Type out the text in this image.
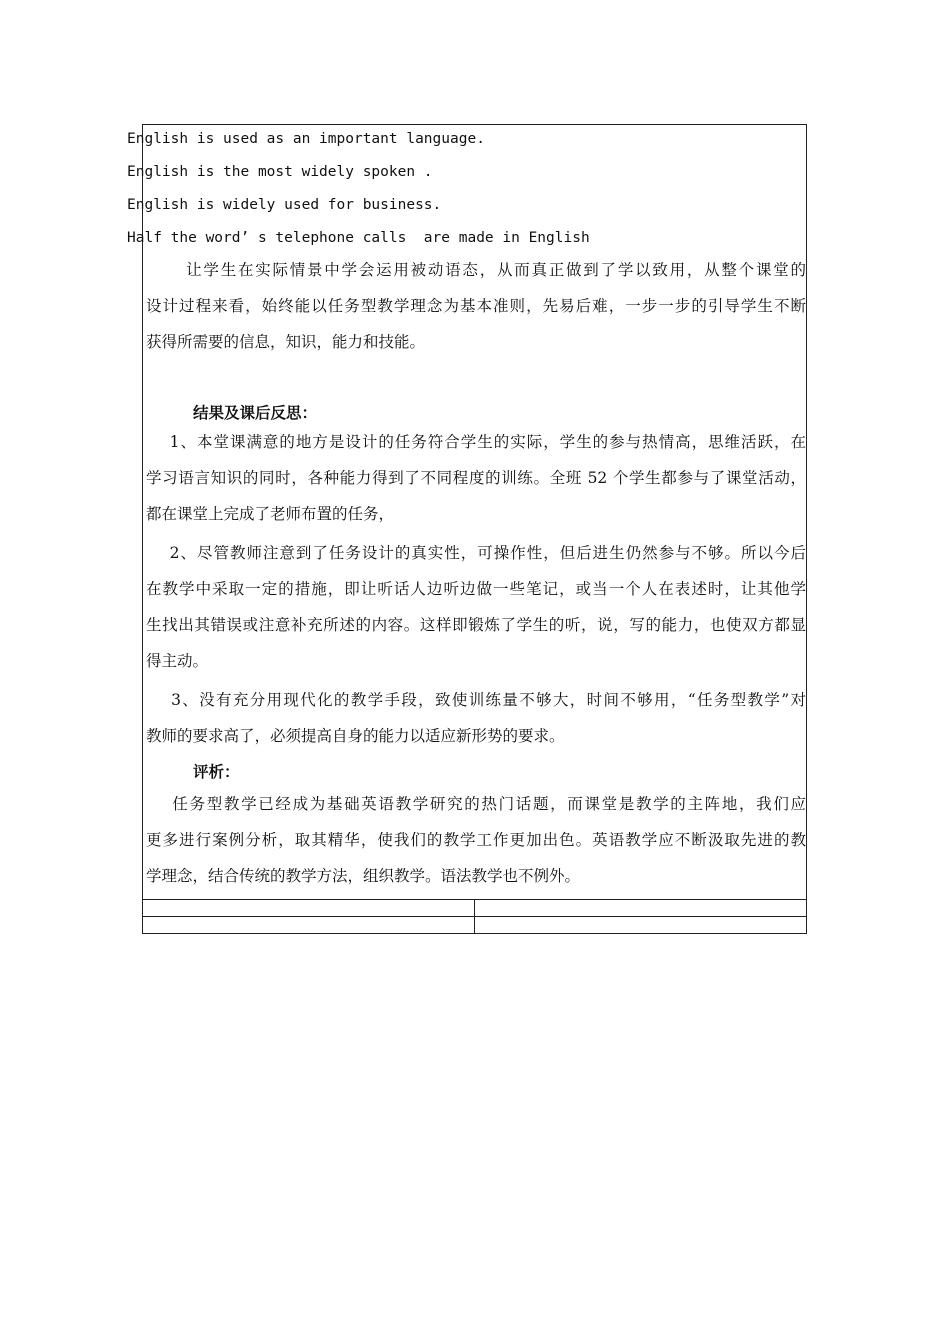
English is used as an important language.
English is the most widely spoken .
English is widely used for business.
Half the word’ s telephone calls  are made in English
让学生在实际情景中学会运用被动语态，从而真正做到了学以致用，从整个课堂的
设计过程来看，始终能以任务型教学理念为基本准则，先易后难，一步一步的引导学生不断
获得所需要的信息，知识，能力和技能。
结果及课后反思：
1、本堂课满意的地方是设计的任务符合学生的实际，学生的参与热情高，思维活跃，在
学习语言知识的同时，各种能力得到了不同程度的训练。全班 52 个学生都参与了课堂活动，
都在课堂上完成了老师布置的任务，
2、尽管教师注意到了任务设计的真实性，可操作性，但后进生仍然参与不够。所以今后
在教学中采取一定的措施，即让听话人边听边做一些笔记，或当一个人在表述时，让其他学
生找出其错误或注意补充所述的内容。这样即锻炼了学生的听，说，写的能力，也使双方都显
得主动。
3、没有充分用现代化的教学手段，致使训练量不够大，时间不够用，“任务型教学”对
教师的要求高了，必须提高自身的能力以适应新形势的要求。
评析：
任务型教学已经成为基础英语教学研究的热门话题，而课堂是教学的主阵地，我们应
更多进行案例分析，取其精华，使我们的教学工作更加出色。英语教学应不断汲取先进的教
学理念，结合传统的教学方法，组织教学。语法教学也不例外。
